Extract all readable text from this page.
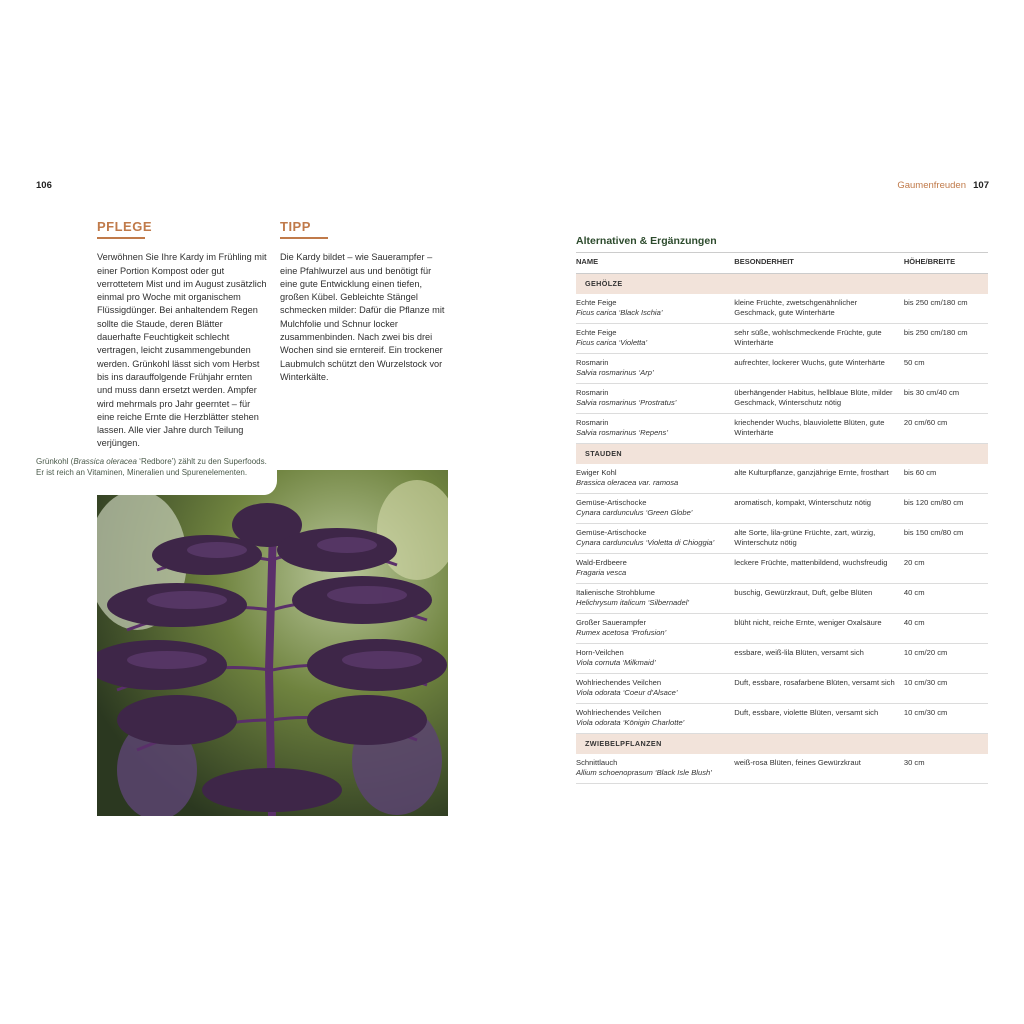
106	Gaumenfreuden 107
PFLEGE

Verwöhnen Sie Ihre Kardy im Frühling mit einer Portion Kompost oder gut verrottetem Mist und im August zusätzlich einmal pro Woche mit organischem Flüssigdünger. Bei anhaltendem Regen sollte die Staude, deren Blätter dauerhafte Feuchtigkeit schlecht vertragen, leicht zusammengebunden werden. Grünkohl lässt sich vom Herbst bis ins darauffolgende Frühjahr ernten und muss dann ersetzt werden. Ampfer wird mehrmals pro Jahr geerntet – für eine reiche Ernte die Herzblätter stehen lassen. Alle vier Jahre durch Teilung verjüngen.

TIPP

Die Kardy bildet – wie Sauerampfer – eine Pfahlwurzel aus und benötigt für eine gute Entwicklung einen tiefen, großen Kübel. Gebleichte Stängel schmecken milder: Dafür die Pflanze mit Mulchfolie und Schnur locker zusammenbinden. Nach zwei bis drei Wochen sind sie erntereif. Ein trockener Laubmulch schützt den Wurzelstock vor Winterkälte.

Grünkohl (Brassica oleracea ‘Redbore’) zählt zu den Superfoods. Er ist reich an Vitaminen, Mineralien und Spurenelementen.
Alternativen & Ergänzungen
NAME	BESONDERHEIT	HÖHE/BREITE
GEHÖLZE		

Echte Feige
Ficus carica ‘Black Ischia’	kleine Früchte, zwetschgenähnlicher Geschmack, gute Winterhärte	bis 250 cm/180 cm

Echte Feige
Ficus carica ‘Violetta’	sehr süße, wohlschmeckende Früchte, gute Winterhärte	bis 250 cm/180 cm

Rosmarin
Salvia rosmarinus ‘Arp’	aufrechter, lockerer Wuchs, gute Winterhärte	50 cm

Rosmarin
Salvia rosmarinus ‘Prostratus’	überhängender Habitus, hellblaue Blüte, milder Geschmack, Winterschutz nötig	bis 30 cm/40 cm

Rosmarin
Salvia rosmarinus ‘Repens’	kriechender Wuchs, blauviolette Blüten, gute Winterhärte	20 cm/60 cm
STAUDEN		

Ewiger Kohl
Brassica oleracea var. ramosa	alte Kulturpflanze, ganzjährige Ernte, frosthart	bis 60 cm

Gemüse-Artischocke
Cynara cardunculus ‘Green Globe’	aromatisch, kompakt, Winterschutz nötig	bis 120 cm/80 cm

Gemüse-Artischocke
Cynara cardunculus ‘Violetta di Chioggia’	alte Sorte, lila-grüne Früchte, zart, würzig, Winterschutz nötig	bis 150 cm/80 cm

Wald-Erdbeere
Fragaria vesca	leckere Früchte, mattenbildend, wuchsfreudig	20 cm

Italienische Strohblume
Helichrysum italicum ‘Silbernadel’	buschig, Gewürzkraut, Duft, gelbe Blüten	40 cm

Großer Sauerampfer
Rumex acetosa ‘Profusion’	blüht nicht, reiche Ernte, weniger Oxalsäure	40 cm

Horn-Veilchen
Viola cornuta ‘Milkmaid’	essbare, weiß-lila Blüten, versamt sich	10 cm/20 cm

Wohlriechendes Veilchen
Viola odorata ‘Coeur d’Alsace’	Duft, essbare, rosafarbene Blüten, versamt sich	10 cm/30 cm

Wohlriechendes Veilchen
Viola odorata ‘Königin Charlotte’	Duft, essbare, violette Blüten, versamt sich	10 cm/30 cm
ZWIEBELPFLANZEN		

Schnittlauch
Allium schoenoprasum ‘Black Isle Blush’	weiß-rosa Blüten, feines Gewürzkraut	30 cm
